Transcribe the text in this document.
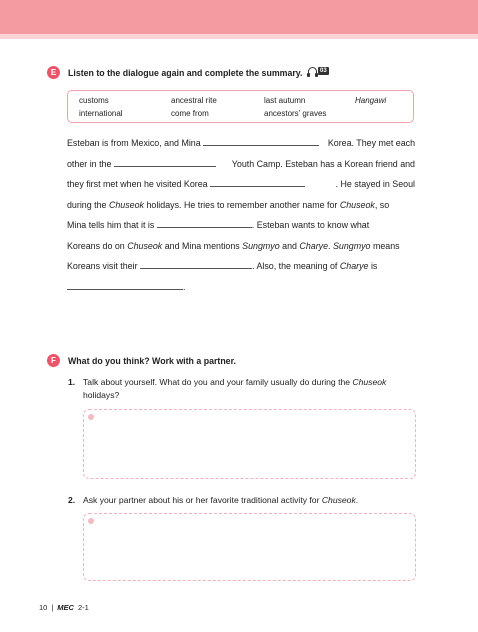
E	Listen to the dialogue again and complete the summary.	03
customs	ancestral rite	last autumn	Hangawi
international	come from	ancestors’ graves
Esteban is from Mexico, and Mina	Korea. They met each
other in the	Youth Camp. Esteban has a Korean friend and
they first met when he visited Korea	. He stayed in Seoul
during the Chuseok holidays. He tries to remember another name for Chuseok, so
Mina tells him that it is	. Esteban wants to know what
Koreans do on Chuseok and Mina mentions Sungmyo and Charye. Sungmyo means
Koreans visit their	. Also, the meaning of Charye is
.
F	What do you think? Work with a partner.
1. Talk about yourself. What do you and your family usually do during the Chuseok
holidays?
2. Ask your partner about his or her favorite traditional activity for Chuseok.
10 | MEC 2-1
